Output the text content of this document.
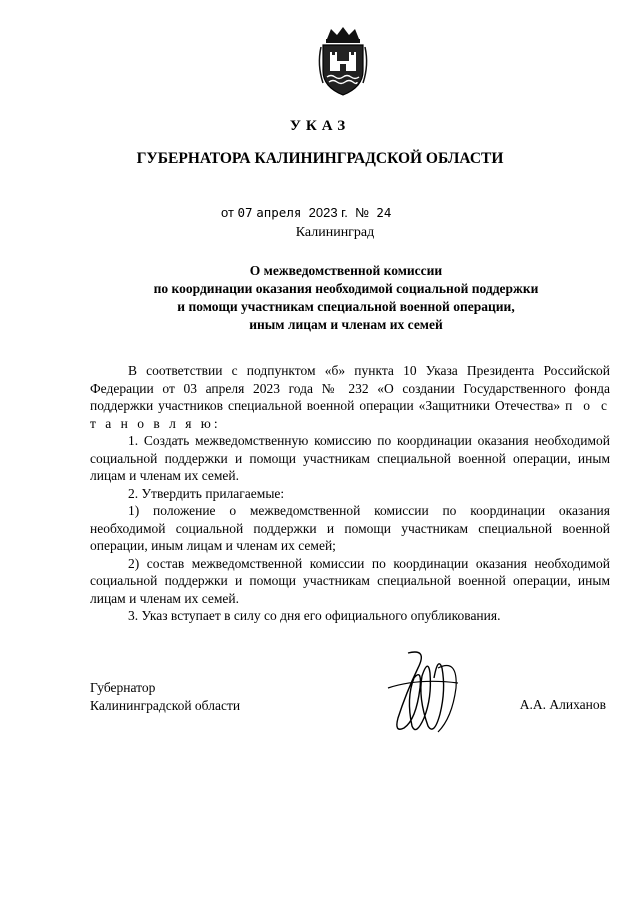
УКАЗ
ГУБЕРНАТОРА КАЛИНИНГРАДСКОЙ ОБЛАСТИ
от 07 апреля 2023 г. № 24
Калининград
О межведомственной комиссии
по координации оказания необходимой социальной поддержки
и помощи участникам специальной военной операции,
иным лицам и членам их семей

В соответствии с подпунктом «б» пункта 10 Указа Президента Российской Федерации от 03 апреля 2023 года № 232 «О создании Государственного фонда поддержки участников специальной военной операции «Защитники Отечества» п о с т а н о в л я ю:

1. Создать межведомственную комиссию по координации оказания необходимой социальной поддержки и помощи участникам специальной военной операции, иным лицам и членам их семей.

2. Утвердить прилагаемые:

1) положение о межведомственной комиссии по координации оказания необходимой социальной поддержки и помощи участникам специальной военной операции, иным лицам и членам их семей;

2) состав межведомственной комиссии по координации оказания необходимой социальной поддержки и помощи участникам специальной военной операции, иным лицам и членам их семей.

3. Указ вступает в силу со дня его официального опубликования.

Губернатор
Калининградской области	А.А. Алиханов
